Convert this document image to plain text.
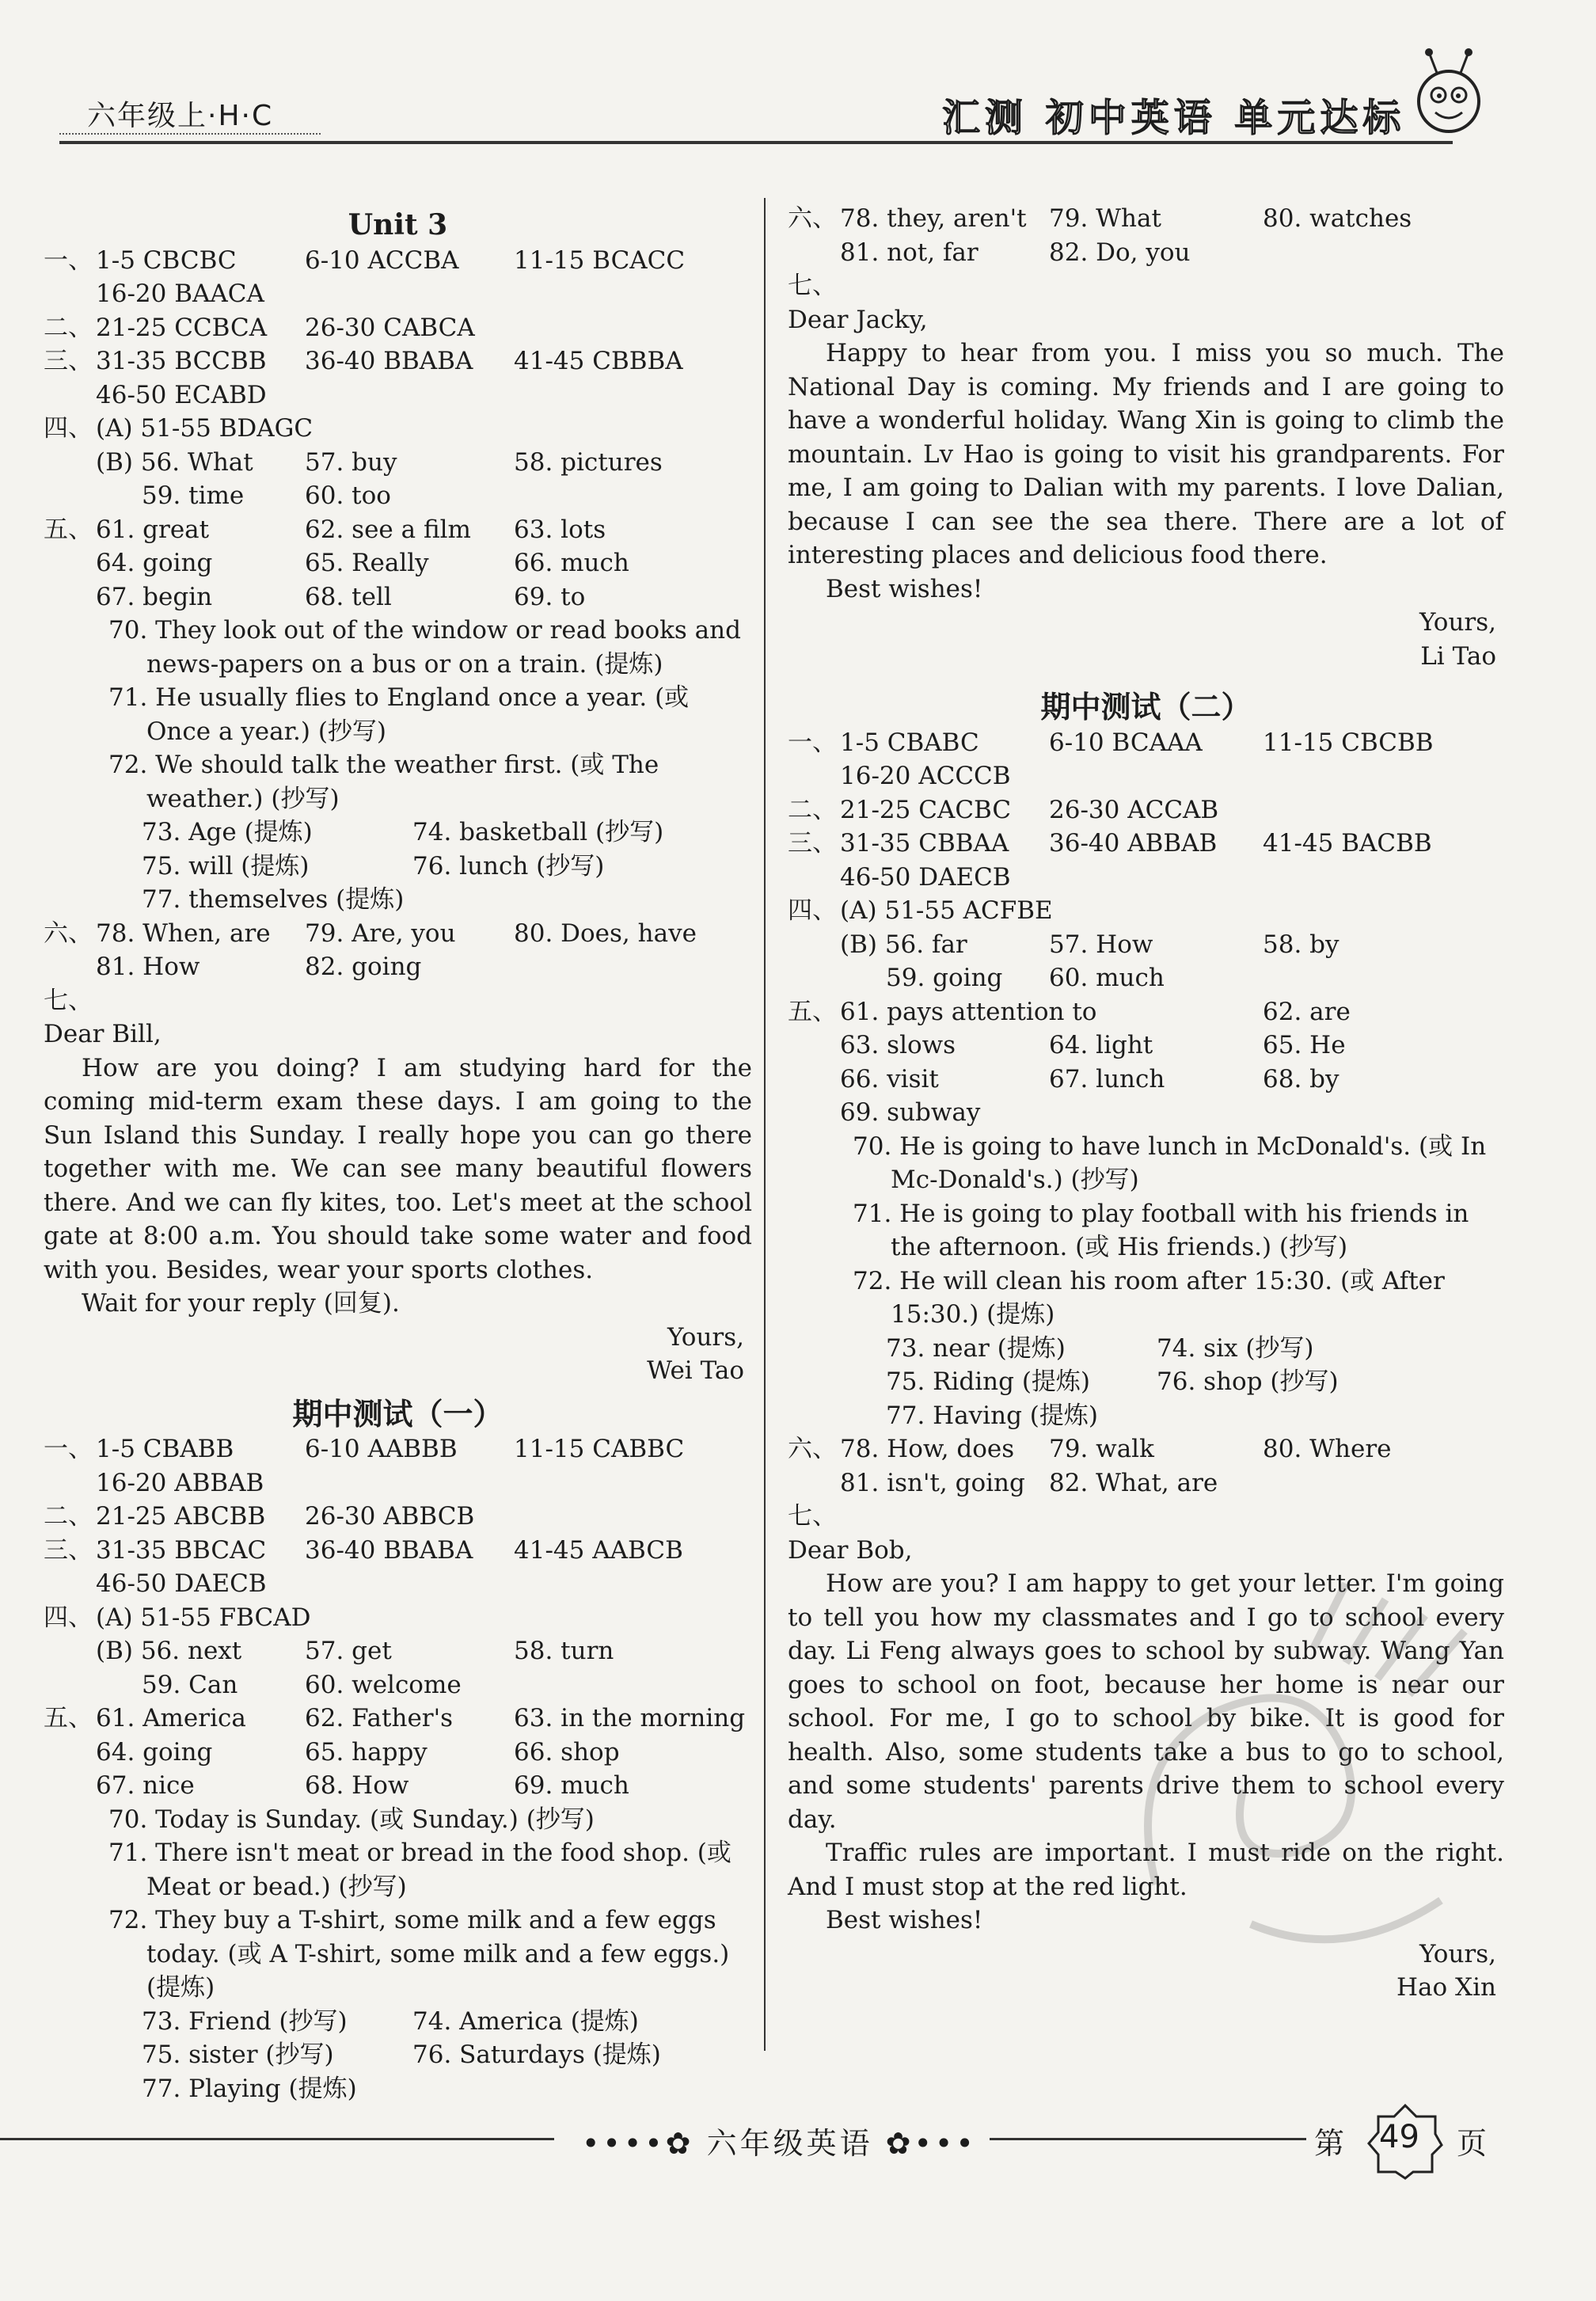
六年级上·H·C	汇测 初中英语 单元达标
Unit 3
一、 1-5 CBCBC	6-10 ACCBA	11-15 BCACC
16-20 BAACA
二、 21-25 CCBCA	26-30 CABCA
三、 31-35 BCCBB	36-40 BBABA	41-45 CBBBA
46-50 ECABD
四、 (A) 51-55 BDAGC
(B) 56. What	57. buy	58. pictures
59. time	60. too
五、 61. great	62. see a film	63. lots
64. going	65. Really	66. much
67. begin	68. tell	69. to
70. They look out of the window or read books and news-papers on a bus or on a train. (提炼)
71. He usually flies to England once a year. (或 Once a year.) (抄写)
72. We should talk the weather first. (或 The weather.) (抄写)
73. Age (提炼)	74. basketball (抄写)
75. will (提炼)	76. lunch (抄写)
77. themselves (提炼)
六、 78. When, are	79. Are, you	80. Does, have
81. How	82. going
七、
Dear Bill,
How are you doing? I am studying hard for the coming mid-term exam these days. I am going to the Sun Island this Sunday. I really hope you can go there together with me. We can see many beautiful flowers there. And we can fly kites, too. Let's meet at the school gate at 8:00 a.m. You should take some water and food with you. Besides, wear your sports clothes.
Wait for your reply (回复).
Yours,
Wei Tao
期中测试（一）
一、 1-5 CBABB	6-10 AABBB	11-15 CABBC
16-20 ABBAB
二、 21-25 ABCBB	26-30 ABBCB
三、 31-35 BBCAC	36-40 BBABA	41-45 AABCB
46-50 DAECB
四、 (A) 51-55 FBCAD
(B) 56. next	57. get	58. turn
59. Can	60. welcome
五、 61. America	62. Father's	63. in the morning
64. going	65. happy	66. shop
67. nice	68. How	69. much
70. Today is Sunday. (或 Sunday.) (抄写)
71. There isn't meat or bread in the food shop. (或 Meat or bead.) (抄写)
72. They buy a T-shirt, some milk and a few eggs today. (或 A T-shirt, some milk and a few eggs.) (提炼)
73. Friend (抄写)	74. America (提炼)
75. sister (抄写)	76. Saturdays (提炼)
77. Playing (提炼)
六、 78. they, aren't 79. What	80. watches
81. not, far	82. Do, you
七、
Dear Jacky,
Happy to hear from you. I miss you so much. The National Day is coming. My friends and I are going to have a wonderful holiday. Wang Xin is going to climb the mountain. Lv Hao is going to visit his grandparents. For me, I am going to Dalian with my parents. I love Dalian, because I can see the sea there. There are a lot of interesting places and delicious food there.
Best wishes!
Yours,
Li Tao
期中测试（二）
一、 1-5 CBABC	6-10 BCAAA	11-15 CBCBB
16-20 ACCCB
二、 21-25 CACBC	26-30 ACCAB
三、 31-35 CBBAA	36-40 ABBAB	41-45 BACBB
46-50 DAECB
四、 (A) 51-55 ACFBE
(B) 56. far	57. How	58. by
59. going	60. much
五、 61. pays attention to	62. are
63. slows	64. light	65. He
66. visit	67. lunch	68. by
69. subway
70. He is going to have lunch in McDonald's. (或 In Mc-Donald's.) (抄写)
71. He is going to play football with his friends in the afternoon. (或 His friends.) (抄写)
72. He will clean his room after 15:30. (或 After 15:30.) (提炼)
73. near (提炼)	74. six (抄写)
75. Riding (提炼)	76. shop (抄写)
77. Having (提炼)
六、 78. How, does	79. walk	80. Where
81. isn't, going 82. What, are
七、
Dear Bob,
How are you? I am happy to get your letter. I'm going to tell you how my classmates and I go to school every day. Li Feng always goes to school by subway. Wang Yan goes to school on foot, because her home is near our school. For me, I go to school by bike. It is good for health. Also, some students take a bus to go to school, and some students' parents drive them to school every day.
Traffic rules are important. I must ride on the right. And I must stop at the red light.
Best wishes!
Yours,
Hao Xin
••••✿ 六年级英语 ✿•••	第 49 页
